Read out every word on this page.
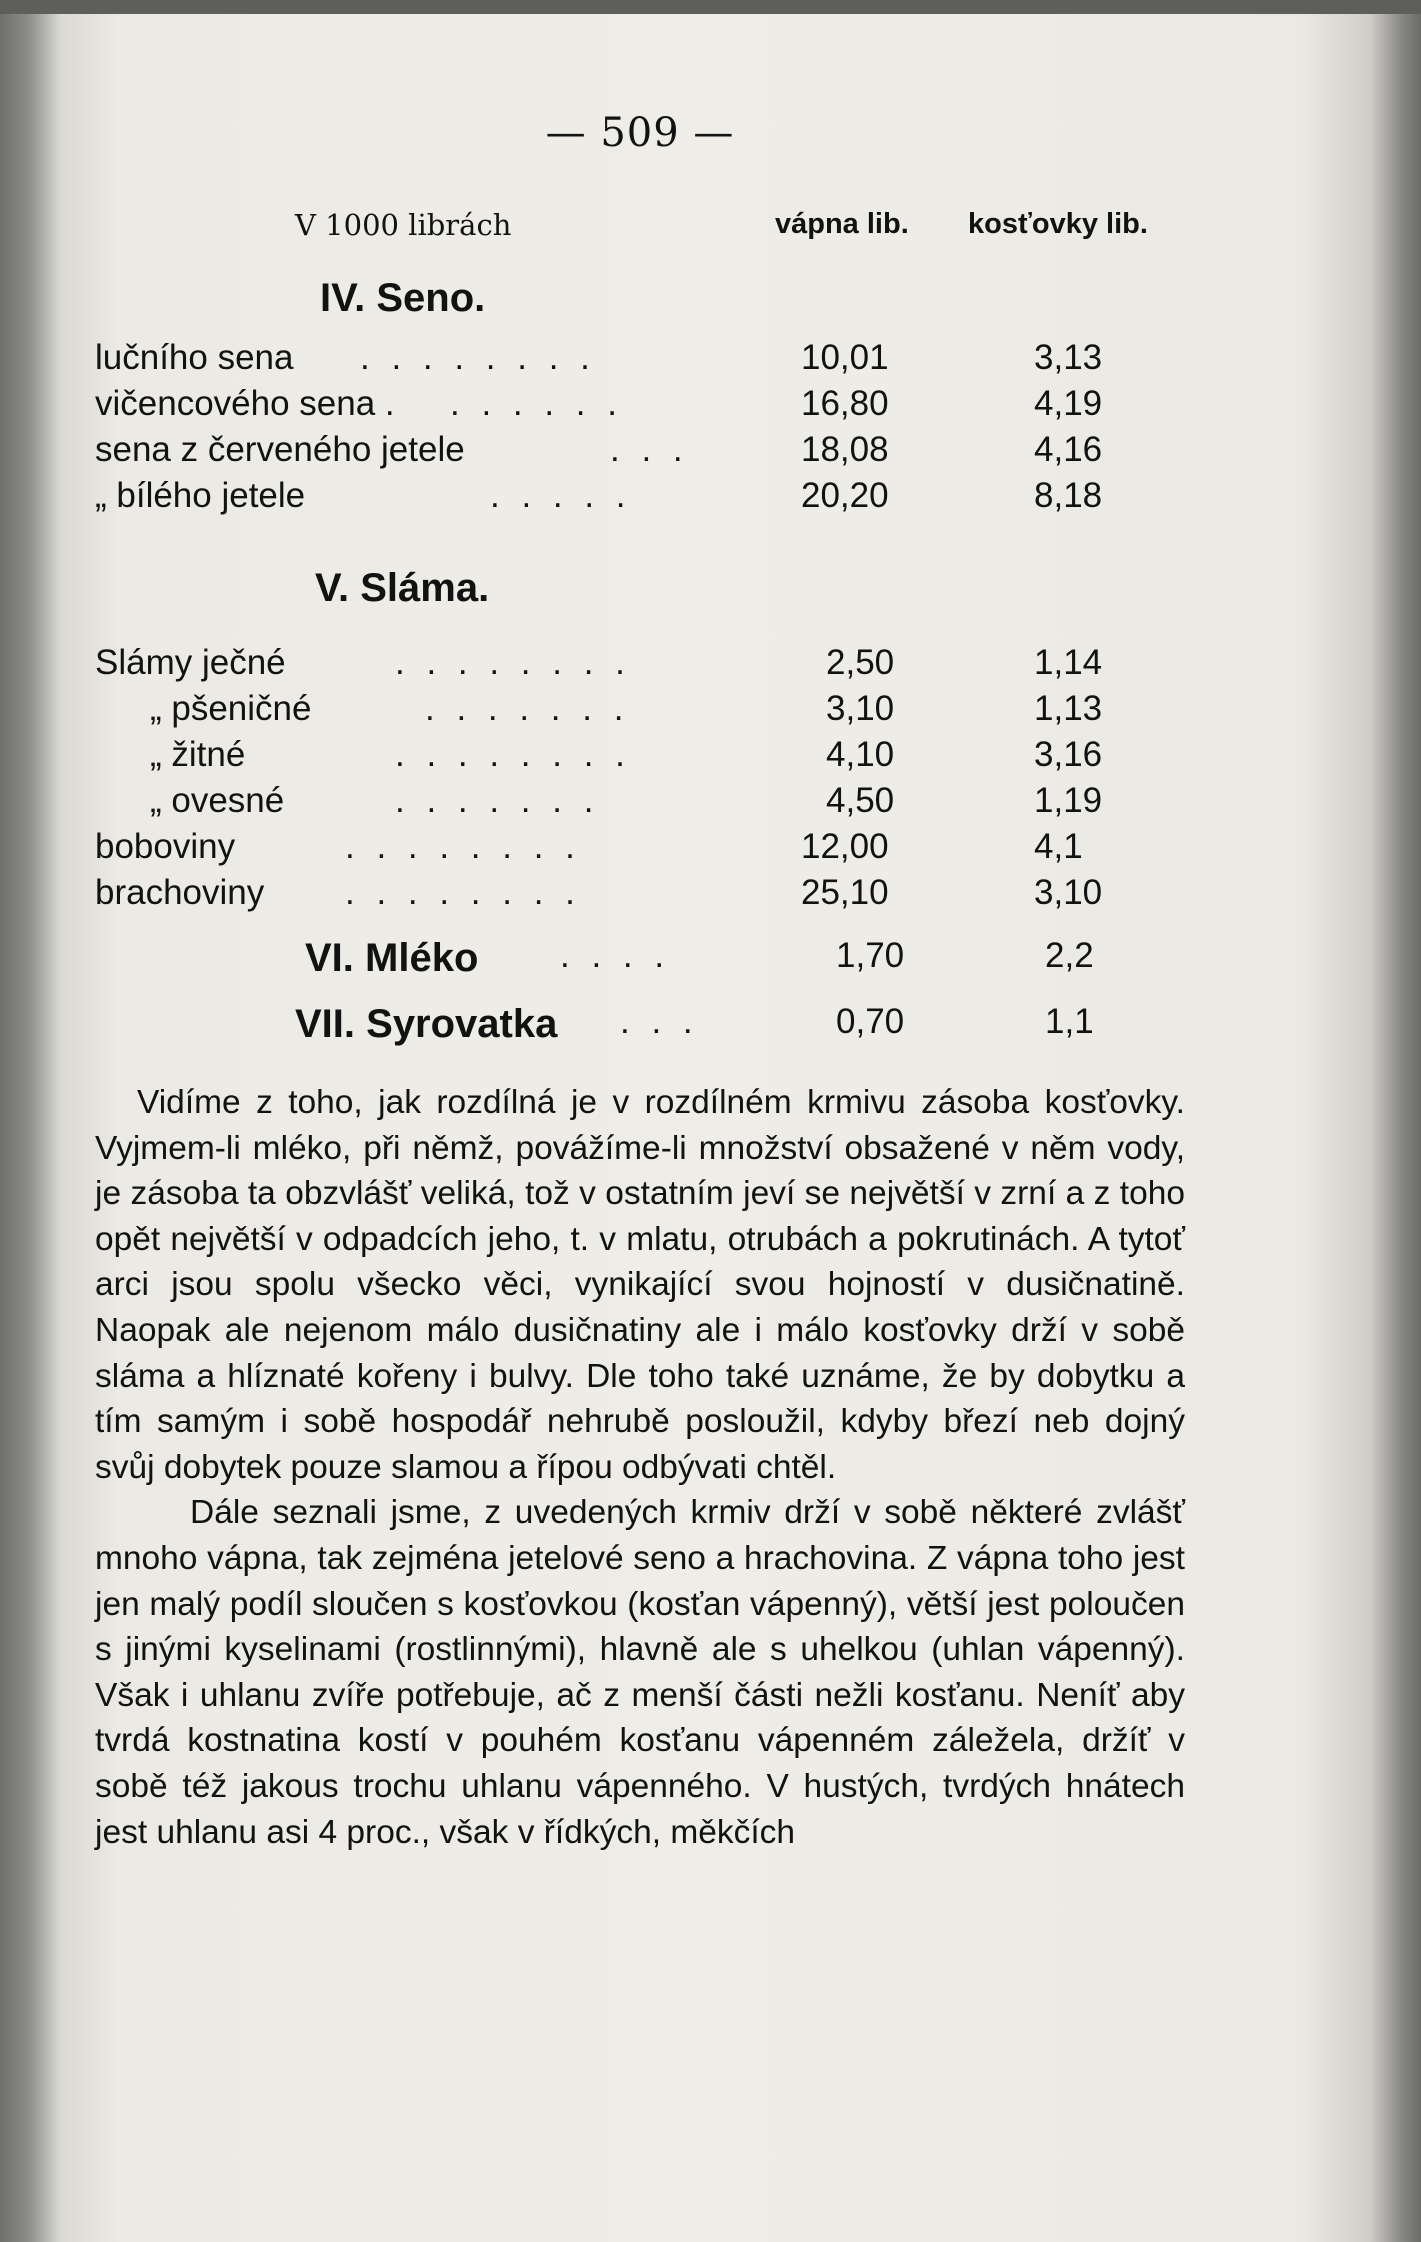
— 509 —
V 1000 librách	vápna lib. kosťovky lib.
IV. Seno.
lučního sena . . . . . . . .	10,01	3,13
vičencového sena . . . . . . .	16,80	4,19
sena z červeného jetele	. . .	18,08	4,16
„ bílého jetele	. . . . .	20,20	8,18
V. Sláma.
Slámy ječné	. . . . . . . .	2,50	1,14
„ pšeničné	. . . . . . .	3,10	1,13
„ žitné	. . . . . . . .	4,10	3,16
„ ovesné	. . . . . . .	4,50	1,19
boboviny	. . . . . . . .	12,00	4,1
brachoviny . . . . . . . .	25,10	3,10
VI. Mléko . . . .	1,70	2,2
VII. Syrovatka . . .	0,70	1,1

Vidíme z toho, jak rozdílná je v rozdílném krmivu zásoba kosťovky. Vyjmem-li mléko, při němž, povážíme-li množství obsažené v něm vody, je zásoba ta obzvlášť veliká, tož v ostatním jeví se největší v zrní a z toho opět největší v odpadcích jeho, t. v mlatu, otrubách a pokrutinách. A tytoť arci jsou spolu všecko věci, vynikající svou hojností v dusičnatině. Naopak ale nejenom málo dusičnatiny ale i málo kosťovky drží v sobě sláma a hlíznaté kořeny i bulvy. Dle toho také uznáme, že by dobytku a tím samým i sobě hospodář nehrubě posloužil, kdyby březí neb dojný svůj dobytek pouze slamou a řípou odbývati chtěl.

Dále seznali jsme, z uvedených krmiv drží v sobě některé zvlášť mnoho vápna, tak zejména jetelové seno a hrachovina. Z vápna toho jest jen malý podíl sloučen s kosťovkou (kosťan vápenný), větší jest poloučen s jinými kyselinami (rostlinnými), hlavně ale s uhelkou (uhlan vápenný). Však i uhlanu zvíře potřebuje, ač z menší části nežli kosťanu. Neníť aby tvrdá kostnatina kostí v pouhém kosťanu vápenném záležela, držíť v sobě též jakous trochu uhlanu vápenného. V hustých, tvrdých hnátech jest uhlanu asi 4 proc., však v řídkých, měkčích
